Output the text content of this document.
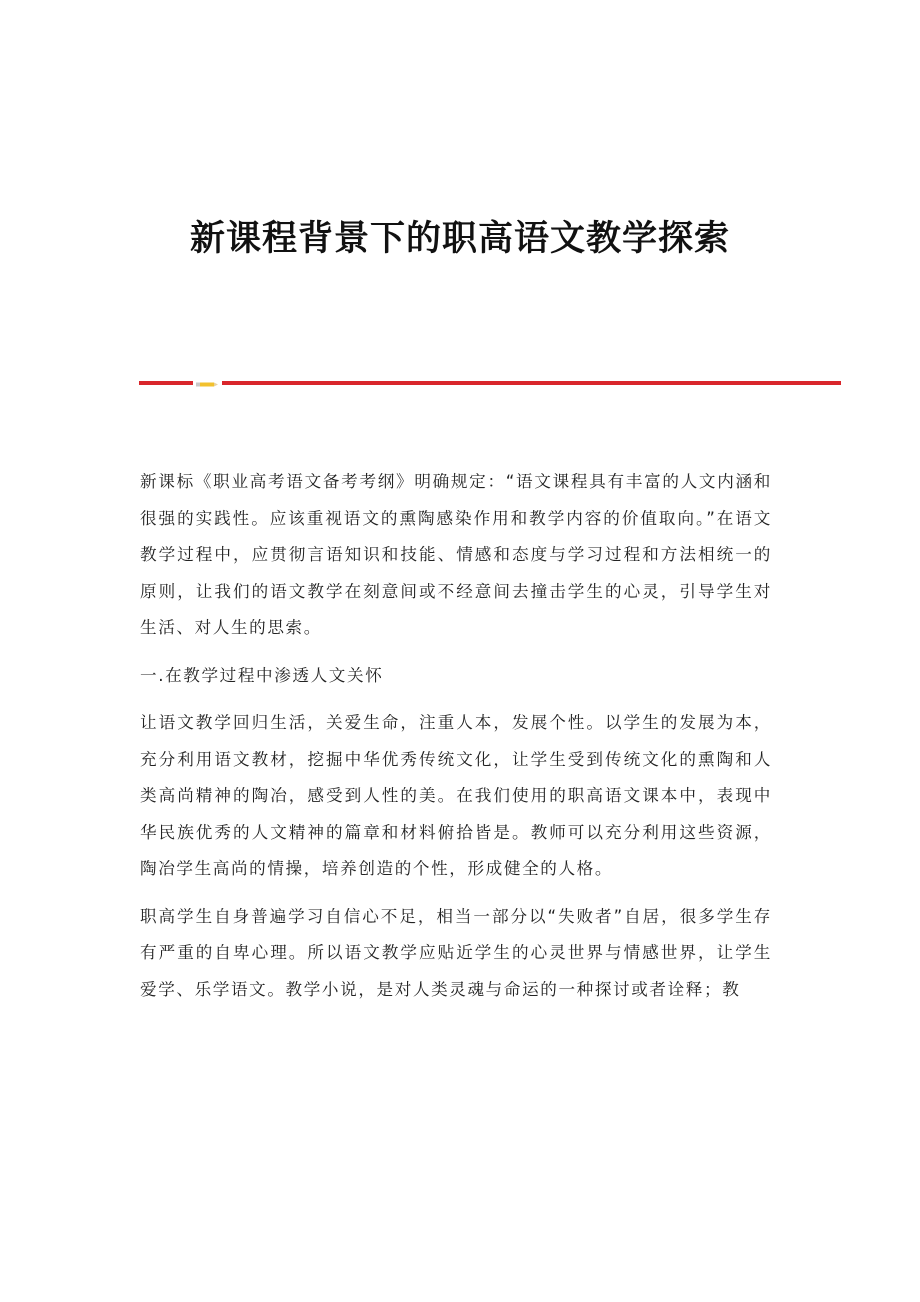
新课程背景下的职高语文教学探索

新课标《职业高考语文备考考纲》明确规定：“语文课程具有丰富的人文内涵和很强的实践性。应该重视语文的熏陶感染作用和教学内容的价值取向。”在语文教学过程中，应贯彻言语知识和技能、情感和态度与学习过程和方法相统一的原则，让我们的语文教学在刻意间或不经意间去撞击学生的心灵，引导学生对生活、对人生的思索。

一.在教学过程中渗透人文关怀

让语文教学回归生活，关爱生命，注重人本，发展个性。以学生的发展为本，充分利用语文教材，挖掘中华优秀传统文化，让学生受到传统文化的熏陶和人类高尚精神的陶冶，感受到人性的美。在我们使用的职高语文课本中，表现中华民族优秀的人文精神的篇章和材料俯拾皆是。教师可以充分利用这些资源，陶冶学生高尚的情操，培养创造的个性，形成健全的人格。

职高学生自身普遍学习自信心不足，相当一部分以“失败者”自居，很多学生存有严重的自卑心理。所以语文教学应贴近学生的心灵世界与情感世界，让学生爱学、乐学语文。教学小说，是对人类灵魂与命运的一种探讨或者诠释；教
